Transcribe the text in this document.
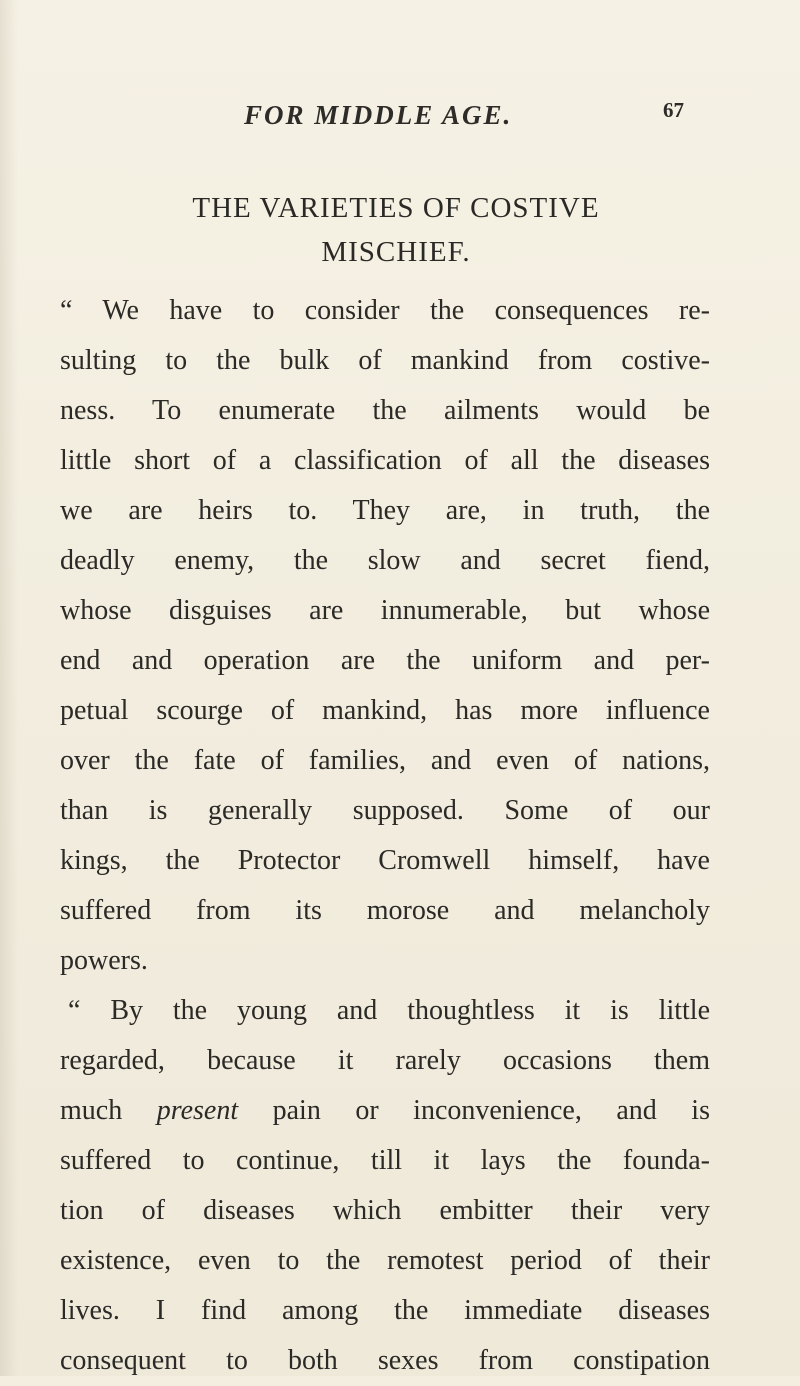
FOR MIDDLE AGE.	67
THE VARIETIES OF COSTIVE
MISCHIEF.
“ We have to consider the consequences re-
sulting to the bulk of mankind from costive-
ness. To enumerate the ailments would be
little short of a classification of all the diseases
we are heirs to. They are, in truth, the
deadly enemy, the slow and secret fiend,
whose disguises are innumerable, but whose
end and operation are the uniform and per-
petual scourge of mankind, has more influence
over the fate of families, and even of nations,
than is generally supposed. Some of our
kings, the Protector Cromwell himself, have
suffered from its morose and melancholy
powers.
“ By the young and thoughtless it is little
regarded, because it rarely occasions them
much present pain or inconvenience, and is
suffered to continue, till it lays the founda-
tion of diseases which embitter their very
existence, even to the remotest period of their
lives. I find among the immediate diseases
consequent to both sexes from constipation
